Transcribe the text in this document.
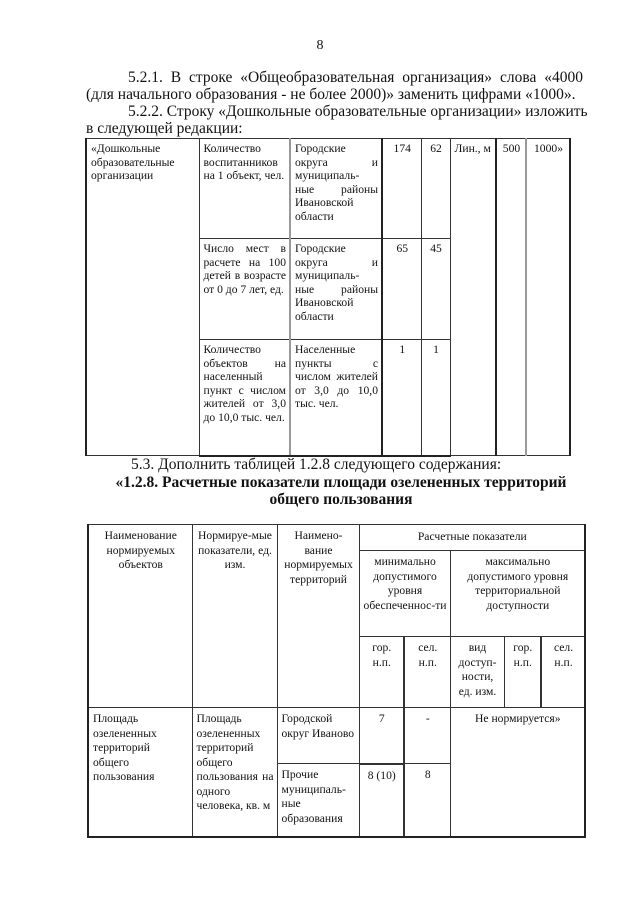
8
5.2.1. В строке «Общеобразовательная организация» слова «4000
(для начального образования - не более 2000)» заменить цифрами «1000».
5.2.2. Строку «Дошкольные образовательные организации» изложить
в следующей редакции:
«Дошкольные образовательные организации	Количество воспитанников на 1 объект, чел.	Городские округа и муниципаль-ные районы Ивановской области	174	62	Лин., м	500	1000»
	Число мест в расчете на 100 детей в возрасте от 0 до 7 лет, ед.	Городские округа и муниципаль-ные районы Ивановской области	65	45			
	Количество объектов на населенный пункт с числом жителей от 3,0 до 10,0 тыс. чел.	Населенные пункты с числом жителей от 3,0 до 10,0 тыс. чел.	1	1			
5.3. Дополнить таблицей 1.2.8 следующего содержания:
«1.2.8. Расчетные показатели площади озелененных территорий
общего пользования
Наименование нормируемых объектов	Нормируе-мые показатели, ед. изм.	Наимено-вание нормируемых территорий	Расчетные показатели				
			минимально допустимого уровня обеспеченнос-ти		максимально допустимого уровня территориальной доступности		
			гор. н.п.	сел. н.п.	вид доступ-ности, ед. изм.	гор. н.п.	сел. н.п.
Площадь озелененных территорий общего пользования	Площадь озелененных территорий общего пользования на одного человека, кв. м	Городской округ Иваново	7	-	Не нормируется»		
		Прочие муниципаль-ные образования	8 (10)	8			
